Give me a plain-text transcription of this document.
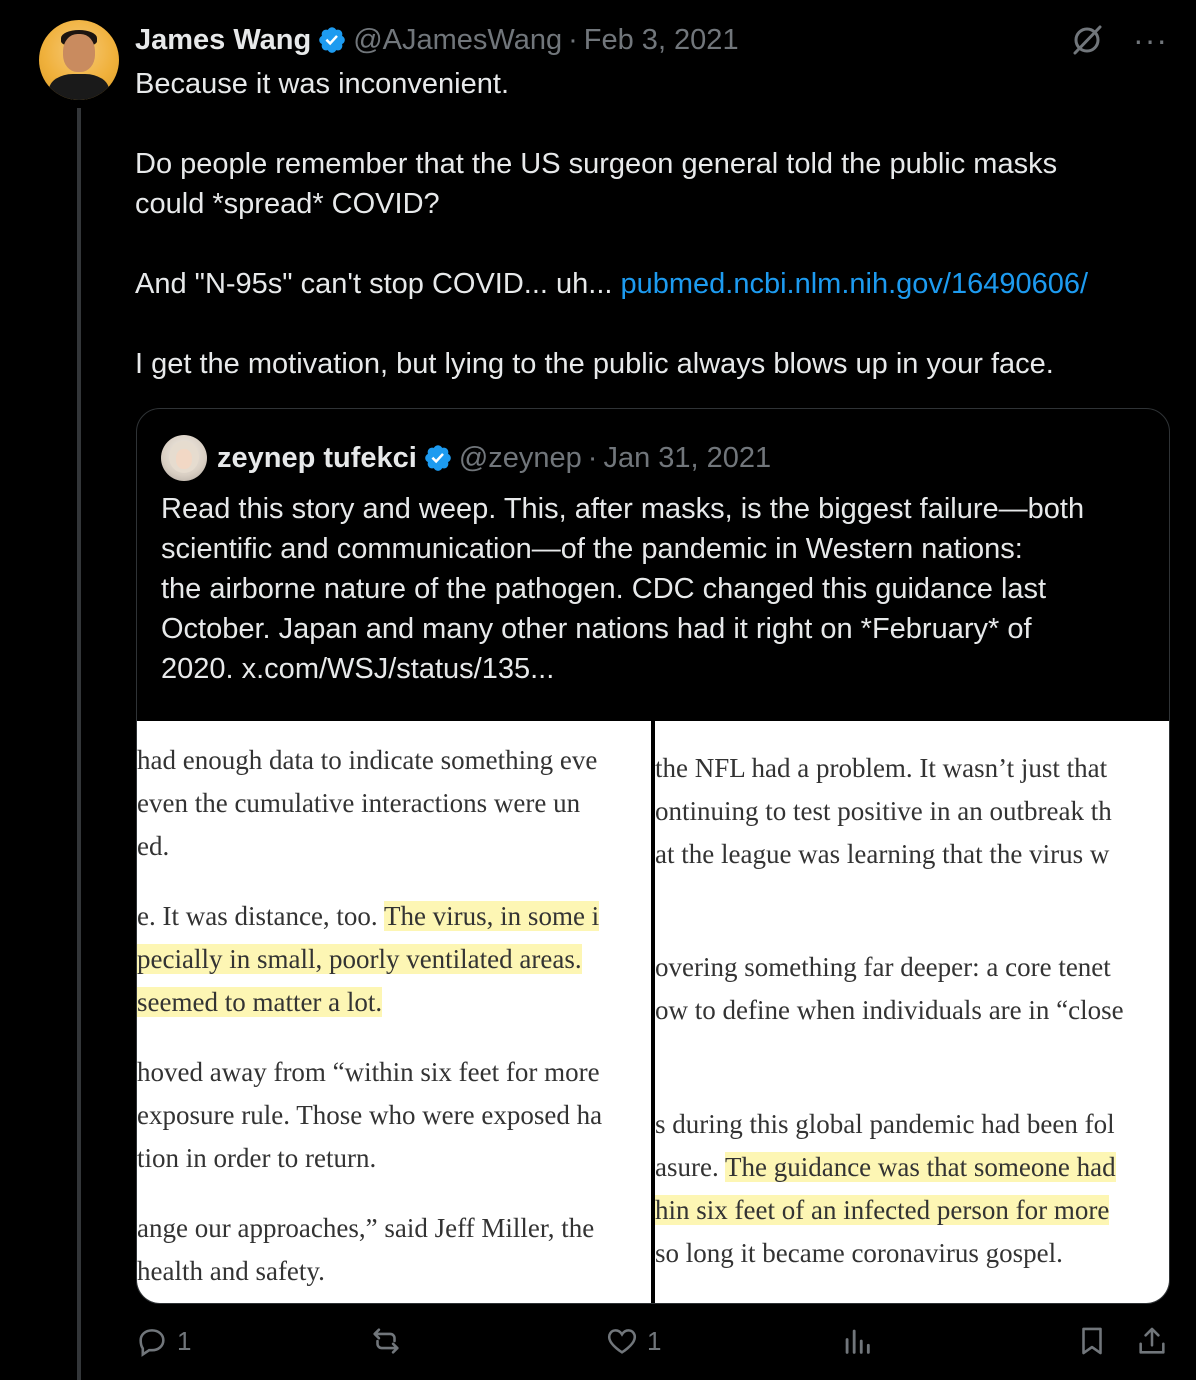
James Wang @AJamesWang · Feb 3, 2021	···

Because it was inconvenient.

Do people remember that the US surgeon general told the public masks

could *spread* COVID?

And "N-95s" can't stop COVID... uh... pubmed.ncbi.nlm.nih.gov/16490606/

I get the motivation, but lying to the public always blows up in your face.

zeynep tufekci @zeynep · Jan 31, 2021

Read this story and weep. This, after masks, is the biggest failure—both

scientific and communication—of the pandemic in Western nations:

the airborne nature of the pathogen. CDC changed this guidance last

October. Japan and many other nations had it right on *February* of

2020. x.com/WSJ/status/135...

had enough data to indicate something eve
even the cumulative interactions were un
ed.
e. It was distance, too. The virus, in some i
pecially in small, poorly ventilated areas.
seemed to matter a lot.
hoved away from “within six feet for more
exposure rule. Those who were exposed ha
tion in order to return.
ange our approaches,” said Jeff Miller, the
health and safety.
the NFL had a problem. It wasn’t just that
ontinuing to test positive in an outbreak th
at the league was learning that the virus w
overing something far deeper: a core tenet
ow to define when individuals are in “close
s during this global pandemic had been fol
asure. The guidance was that someone had
hin six feet of an infected person for more
so long it became coronavirus gospel.
1	1
